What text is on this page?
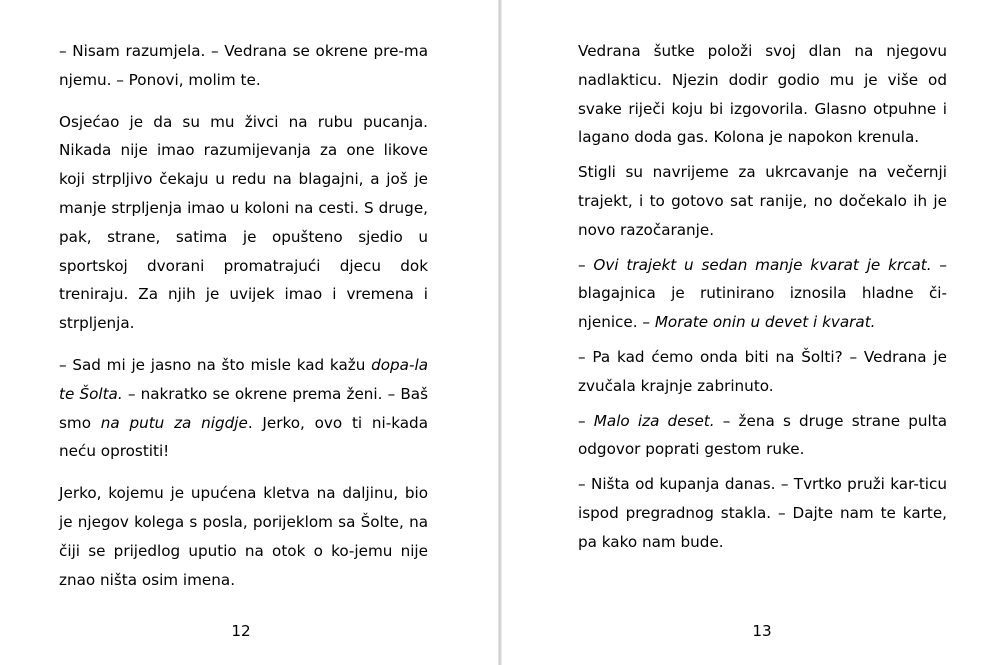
– Nisam razumjela. – Vedrana se okrene pre-ma njemu. – Ponovi, molim te.

Osjećao je da su mu živci na rubu pucanja. Nikada nije imao razumijevanja za one likove koji strpljivo čekaju u redu na blagajni, a još je manje strpljenja imao u koloni na cesti. S druge, pak, strane, satima je opušteno sjedio u sportskoj dvorani promatrajući djecu dok treniraju. Za njih je uvijek imao i vremena i strpljenja.

– Sad mi je jasno na što misle kad kažu dopa-la te Šolta. – nakratko se okrene prema ženi. – Baš smo na putu za nigdje. Jerko, ovo ti ni-kada neću oprostiti!

Jerko, kojemu je upućena kletva na daljinu, bio je njegov kolega s posla, porijeklom sa Šolte, na čiji se prijedlog uputio na otok o ko-jemu nije znao ništa osim imena.

12

Vedrana šutke položi svoj dlan na njegovu nadlakticu. Njezin dodir godio mu je više od svake riječi koju bi izgovorila. Glasno otpuhne i lagano doda gas. Kolona je napokon krenula.

Stigli su navrijeme za ukrcavanje na večernji trajekt, i to gotovo sat ranije, no dočekalo ih je novo razočaranje.

– Ovi trajekt u sedan manje kvarat je krcat. – blagajnica je rutinirano iznosila hladne či-njenice. – Morate onin u devet i kvarat.

– Pa kad ćemo onda biti na Šolti? – Vedrana je zvučala krajnje zabrinuto.

– Malo iza deset. – žena s druge strane pulta odgovor poprati gestom ruke.

– Ništa od kupanja danas. – Tvrtko pruži kar-ticu ispod pregradnog stakla. – Dajte nam te karte, pa kako nam bude.

13
